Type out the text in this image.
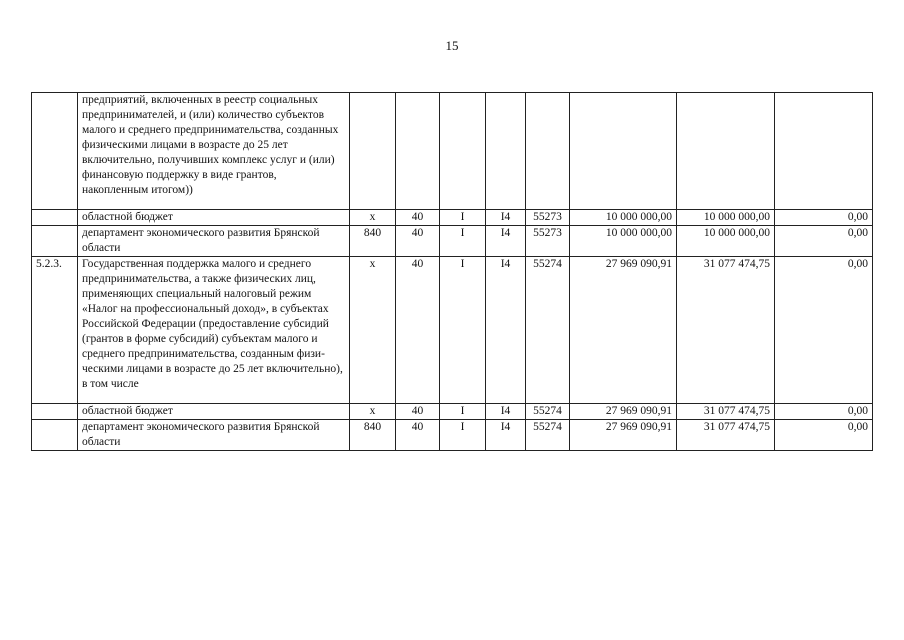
15
	предприятий, включенных в реестр социальных предпринимателей, и (или) количество субъектов малого и среднего предпринимательства, созданных физическими лицами в возрасте до 25 лет включительно, получивших комплекс услуг и (или) финансовую поддержку в виде грантов, накопленным итогом))								
	областной бюджет	х	40	I	I4	55273	10 000 000,00	10 000 000,00	0,00
	департамент экономического развития Брянской области	840	40	I	I4	55273	10 000 000,00	10 000 000,00	0,00
5.2.3.	Государственная поддержка малого и среднего предпринимательства, а также физических лиц, применяющих специальный налоговый режим «Налог на профессиональный доход», в субъектах Российской Федерации (предоставление субсидий (грантов в форме субсидий) субъектам малого и среднего предпринимательства, созданным физи-ческими лицами в возрасте до 25 лет включительно), в том числе	х	40	I	I4	55274	27 969 090,91	31 077 474,75	0,00
	областной бюджет	х	40	I	I4	55274	27 969 090,91	31 077 474,75	0,00
	департамент экономического развития Брянской области	840	40	I	I4	55274	27 969 090,91	31 077 474,75	0,00
